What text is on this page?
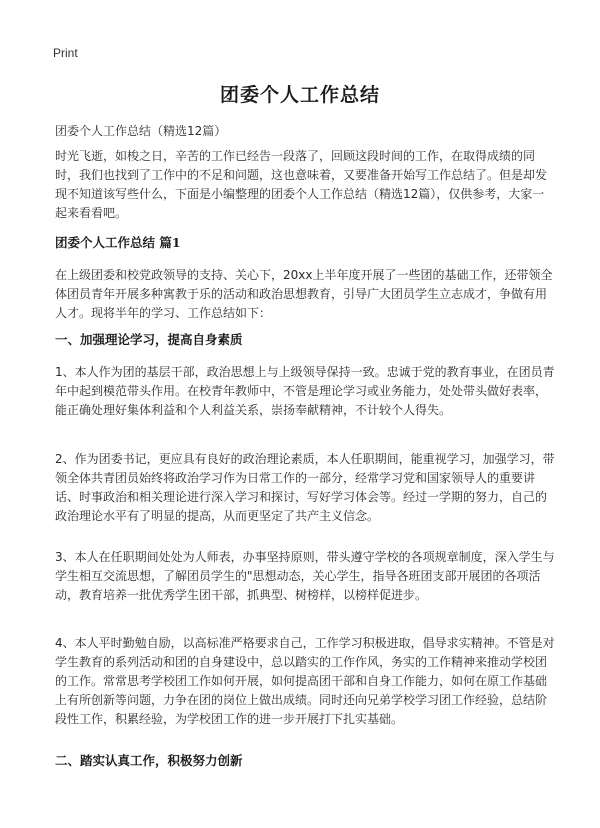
Print
团委个人工作总结
团委个人工作总结（精选12篇）

时光飞逝，如梭之日，辛苦的工作已经告一段落了，回顾这段时间的工作，在取得成绩的同时，我们也找到了工作中的不足和问题，这也意味着，又要准备开始写工作总结了。但是却发现不知道该写些什么，下面是小编整理的团委个人工作总结（精选12篇），仅供参考，大家一起来看看吧。

团委个人工作总结 篇1

在上级团委和校党政领导的支持、关心下，20xx上半年度开展了一些团的基础工作，还带领全体团员青年开展多种寓教于乐的活动和政治思想教育，引导广大团员学生立志成才，争做有用人才。现将半年的学习、工作总结如下：

一、加强理论学习，提高自身素质

1、本人作为团的基层干部，政治思想上与上级领导保持一致。忠诚于党的教育事业，在团员青年中起到模范带头作用。在校青年教师中，不管是理论学习或业务能力，处处带头做好表率，能正确处理好集体利益和个人利益关系，崇扬奉献精神，不计较个人得失。

2、作为团委书记，更应具有良好的政治理论素质，本人任职期间，能重视学习，加强学习，带领全体共青团员始终将政治学习作为日常工作的一部分，经常学习党和国家领导人的重要讲话、时事政治和相关理论进行深入学习和探讨，写好学习体会等。经过一学期的努力，自己的政治理论水平有了明显的提高，从而更坚定了共产主义信念。

3、本人在任职期间处处为人师表，办事坚持原则，带头遵守学校的各项规章制度，深入学生与学生相互交流思想，了解团员学生的"思想动态，关心学生，指导各班团支部开展团的各项活动，教育培养一批优秀学生团干部，抓典型、树榜样，以榜样促进步。

4、本人平时勤勉自励，以高标准严格要求自己，工作学习积极进取，倡导求实精神。不管是对学生教育的系列活动和团的自身建设中，总以踏实的工作作风，务实的工作精神来推动学校团的工作。常常思考学校团工作如何开展，如何提高团干部和自身工作能力，如何在原工作基础上有所创新等问题，力争在团的岗位上做出成绩。同时还向兄弟学校学习团工作经验，总结阶段性工作，积累经验，为学校团工作的进一步开展打下扎实基础。

二、踏实认真工作，积极努力创新
